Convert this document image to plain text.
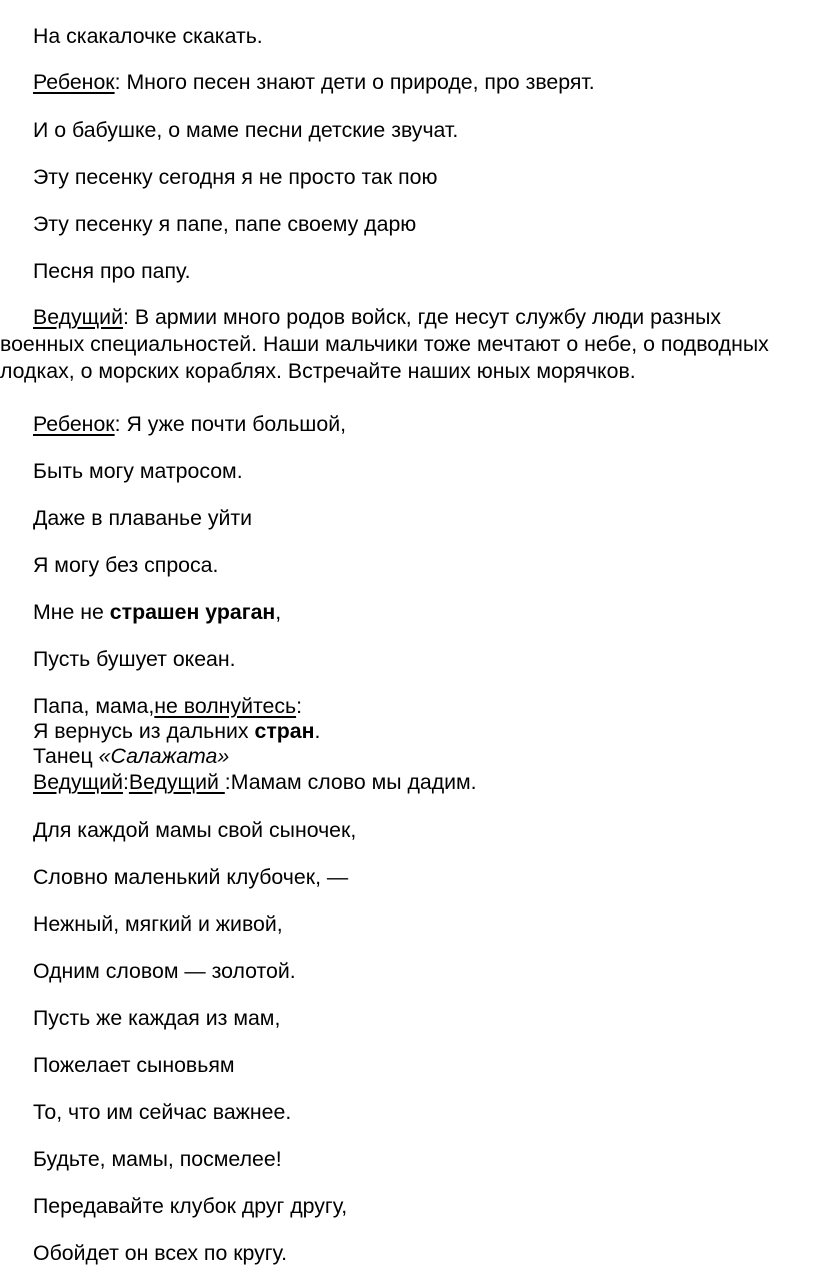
На скакалочке скакать.

Ребенок: Много песен знают дети о природе, про зверят.

И о бабушке, о маме песни детские звучат.

Эту песенку сегодня я не просто так пою

Эту песенку я папе, папе своему дарю

Песня про папу.

Ведущий: В армии много родов войск, где несут службу люди разных военных специальностей. Наши мальчики тоже мечтают о небе, о подводных лодках, о морских кораблях. Встречайте наших юных морячков.

Ребенок: Я уже почти большой,

Быть могу матросом.

Даже в плаванье уйти

Я могу без спроса.

Мне не страшен ураган,

Пусть бушует океан.

Папа, мама,не волнуйтесь:

Я вернусь из дальних стран.

Танец «Салажата»

Ведущий:Ведущий :Мамам слово мы дадим.

Для каждой мамы свой сыночек,

Словно маленький клубочек, —

Нежный, мягкий и живой,

Одним словом — золотой.

Пусть же каждая из мам,

Пожелает сыновьям

То, что им сейчас важнее.

Будьте, мамы, посмелее!

Передавайте клубок друг другу,

Обойдет он всех по кругу.
